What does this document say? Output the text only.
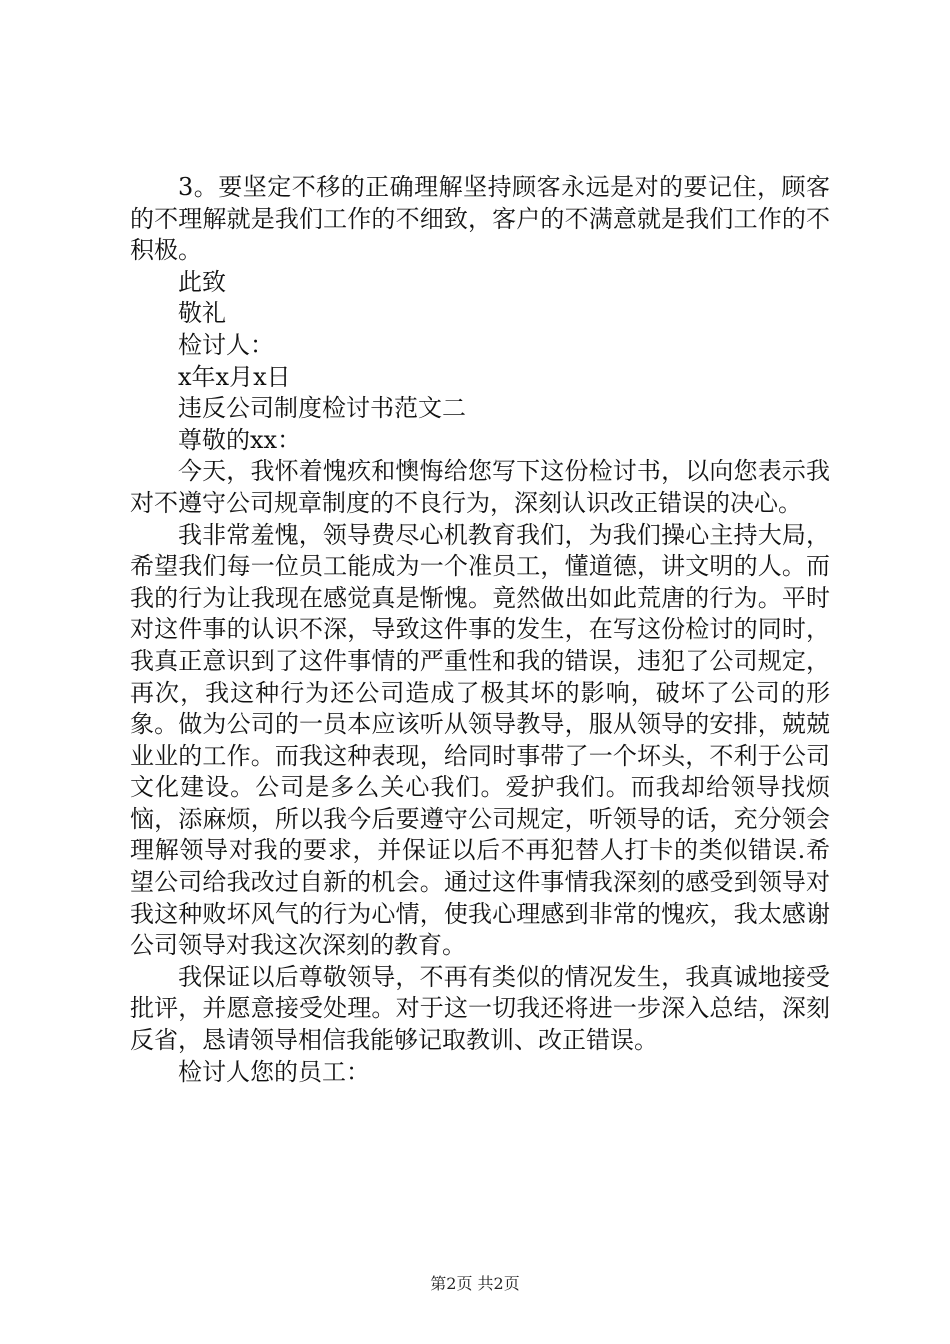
3。要坚定不移的正确理解坚持顾客永远是对的要记住，顾客的不理解就是我们工作的不细致，客户的不满意就是我们工作的不积极。

此致

敬礼

检讨人：

x年x月x日

违反公司制度检讨书范文二

尊敬的xx：

今天，我怀着愧疚和懊悔给您写下这份检讨书，以向您表示我对不遵守公司规章制度的不良行为，深刻认识改正错误的决心。

我非常羞愧，领导费尽心机教育我们，为我们操心主持大局，希望我们每一位员工能成为一个准员工，懂道德，讲文明的人。而我的行为让我现在感觉真是惭愧。竟然做出如此荒唐的行为。平时对这件事的认识不深，导致这件事的发生，在写这份检讨的同时，我真正意识到了这件事情的严重性和我的错误，违犯了公司规定，再次，我这种行为还公司造成了极其坏的影响，破坏了公司的形象。做为公司的一员本应该听从领导教导，服从领导的安排，兢兢业业的工作。而我这种表现，给同时事带了一个坏头，不利于公司文化建设。公司是多么关心我们。爱护我们。而我却给领导找烦恼，添麻烦，所以我今后要遵守公司规定，听领导的话，充分领会理解领导对我的要求，并保证以后不再犯替人打卡的类似错误.希望公司给我改过自新的机会。通过这件事情我深刻的感受到领导对我这种败坏风气的行为心情，使我心理感到非常的愧疚，我太感谢公司领导对我这次深刻的教育。

我保证以后尊敬领导，不再有类似的情况发生，我真诚地接受批评，并愿意接受处理。对于这一切我还将进一步深入总结，深刻反省，恳请领导相信我能够记取教训、改正错误。

检讨人您的员工：

第2页 共2页
